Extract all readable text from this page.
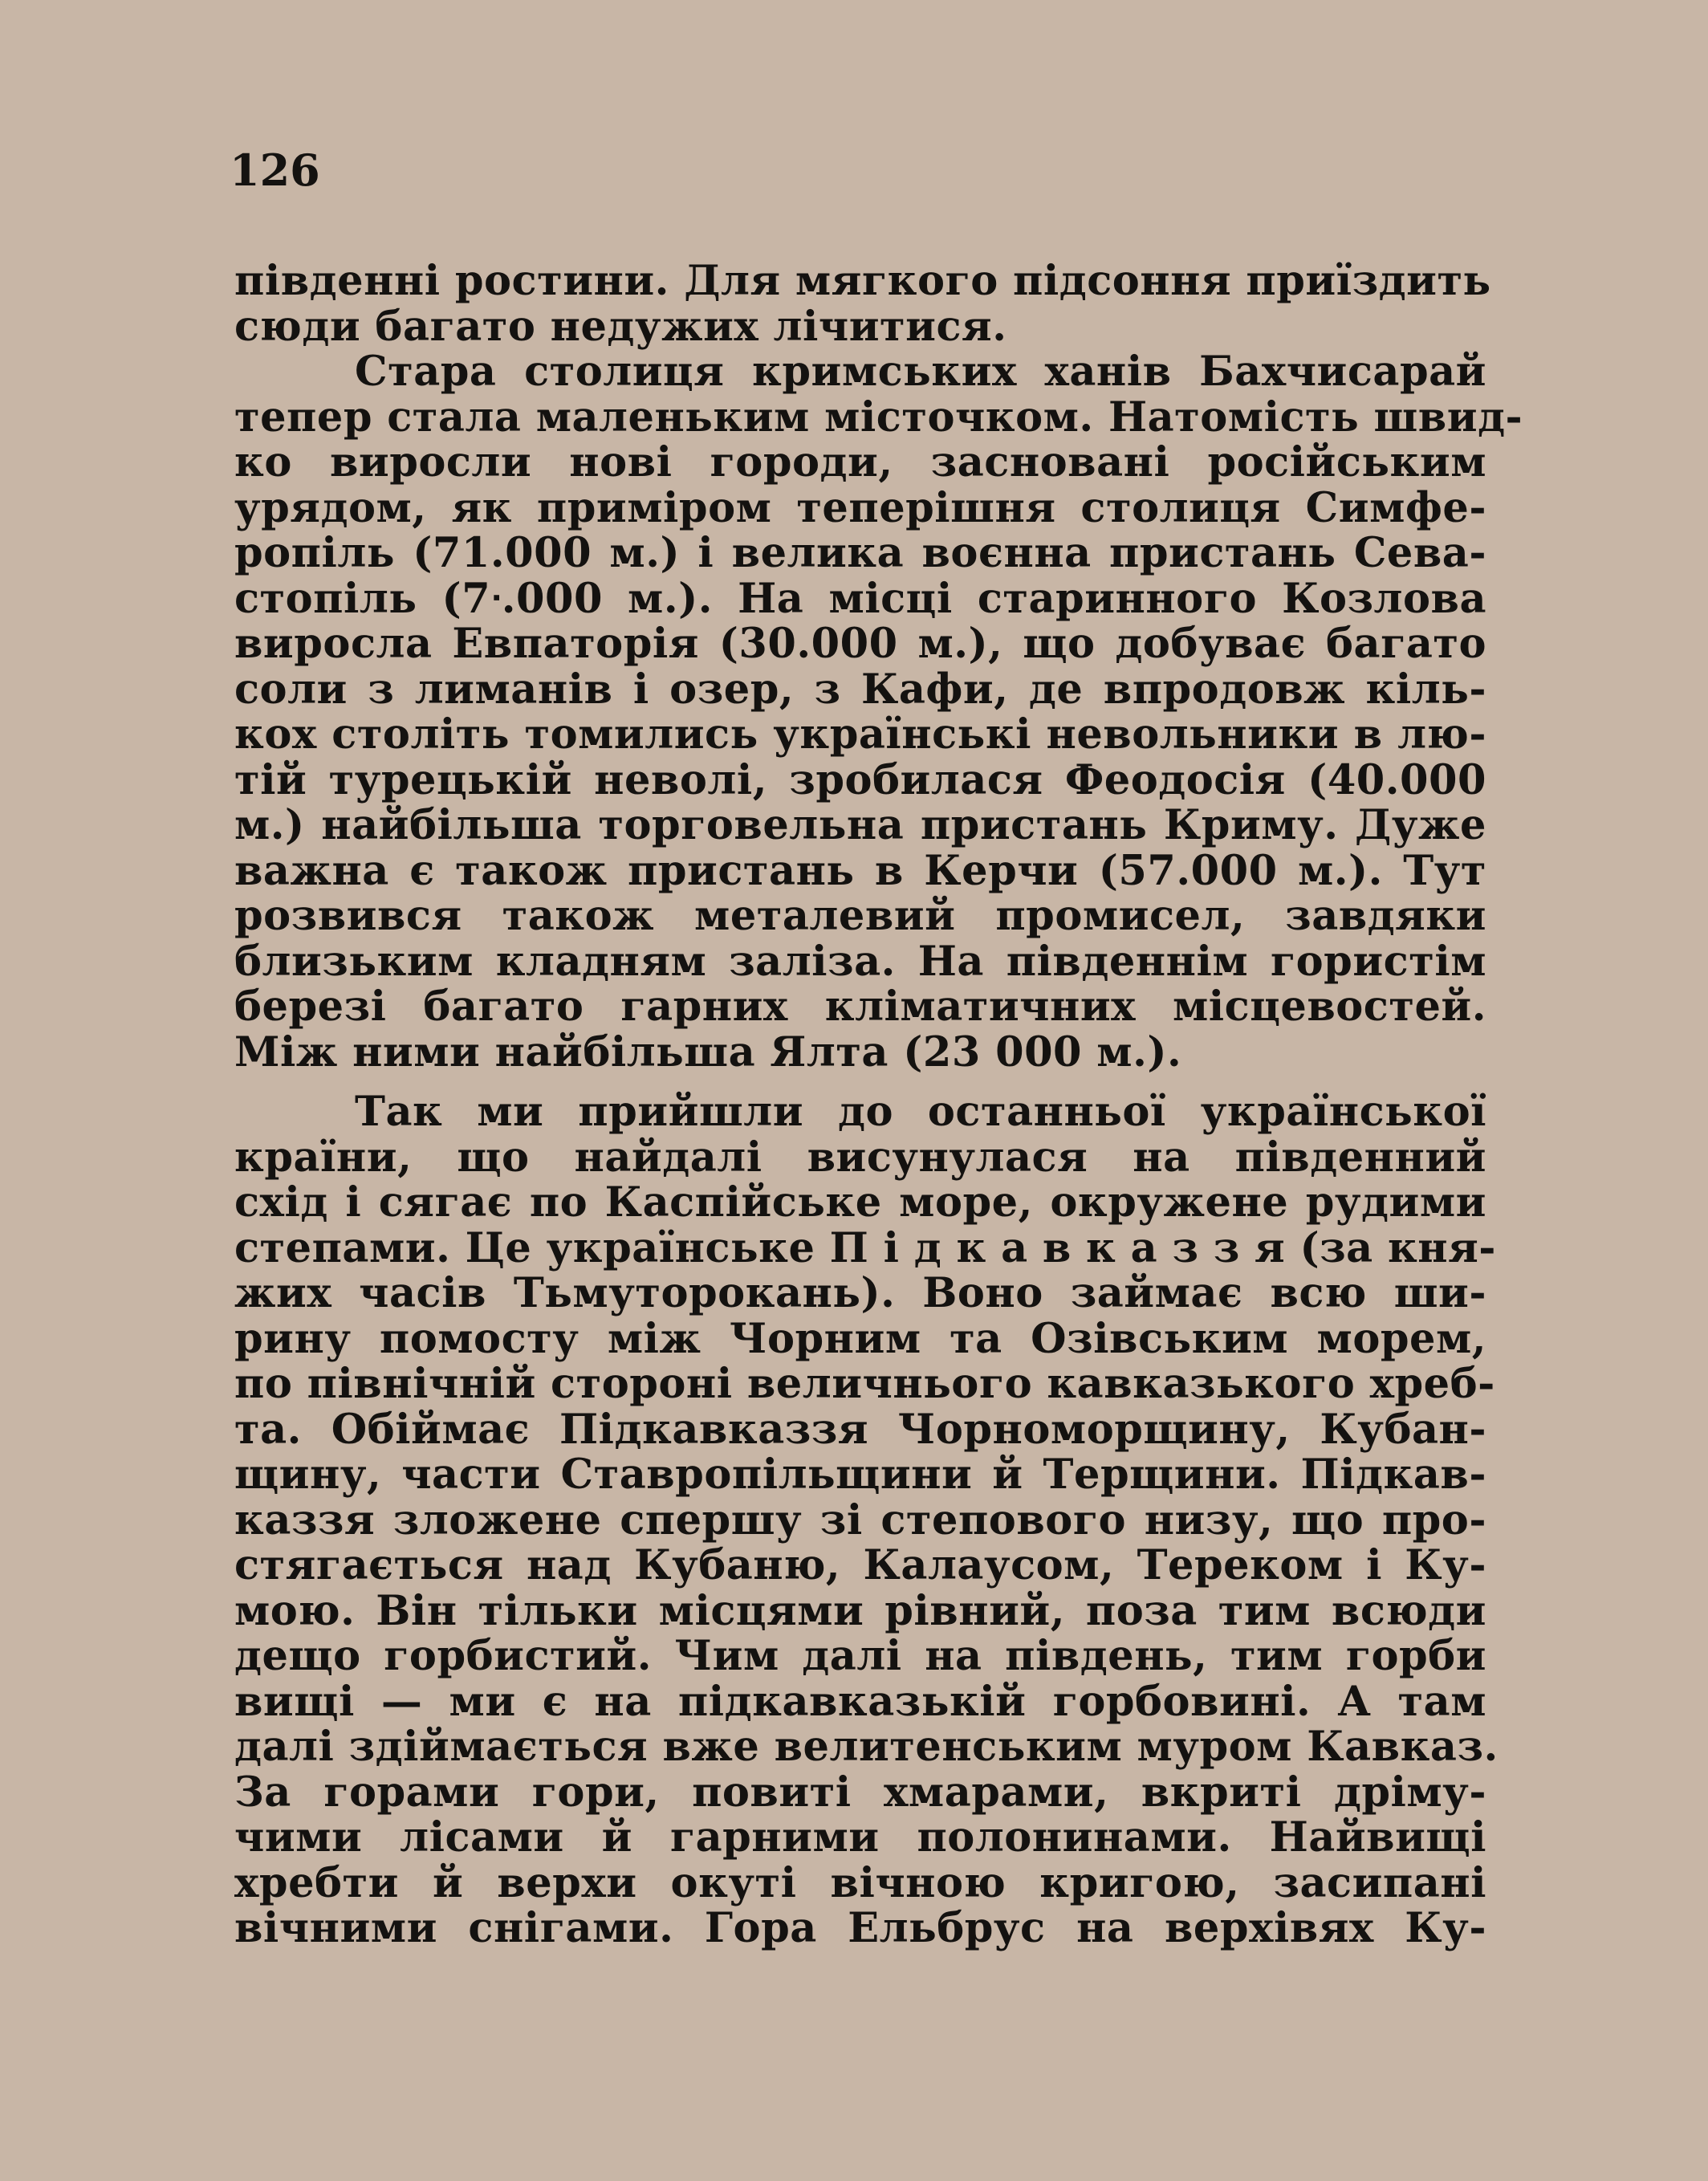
126

південні ростини. Для мягкого підсоння приїздить
сюди багато недужих лічитися.
Стара столиця кримських ханів Бахчисарай
тепер стала маленьким місточком. Натомість швид-
ко виросли нові городи, засновані російським
урядом, як приміром теперішня столиця Симфе-
ропіль (71.000 м.) і велика воєнна пристань Сева-
стопіль (7ᐧ.000 м.). На місці старинного Козлова
виросла Евпаторія (30.000 м.), що добуває багато
соли з лиманів і озер, з Кафи, де впродовж кіль-
кох століть томились українські невольники в лю-
тій турецькій неволі, зробилася Феодосія (40.000
м.) найбільша торговельна пристань Криму. Дуже
важна є також пристань в Керчи (57.000 м.). Тут
розвився також металевий промисел, завдяки
близьким кладням заліза. На південнім гористім
березі багато гарних кліматичних місцевостей.
Між ними найбільша Ялта (23 000 м.).
Так ми прийшли до останньої української
країни, що найдалі висунулася на південний
схід і сягає по Каспійське море, окружене рудими
степами. Це українське П і д к а в к а з з я (за кня-
жих часів Тьмуторокань). Воно займає всю ши-
рину помосту між Чорним та Озівським морем,
по північній стороні величнього кавказького хреб-
та. Обіймає Підкавказзя Чорноморщину, Кубан-
щину, части Ставропільщини й Терщини. Підкав-
каззя зложене спершу зі степового низу, що про-
стягається над Кубаню, Калаусом, Тереком і Ку-
мою. Він тільки місцями рівний, поза тим всюди
дещо горбистий. Чим далі на південь, тим горби
вищі — ми є на підкавказькій горбовині. А там
далі здіймається вже велитенським муром Кавказ.
За горами гори, повиті хмарами, вкриті дріму-
чими лісами й гарними полонинами. Найвищі
хребти й верхи окуті вічною кригою, засипані
вічними снігами. Гора Ельбрус на верхівях Ку-
